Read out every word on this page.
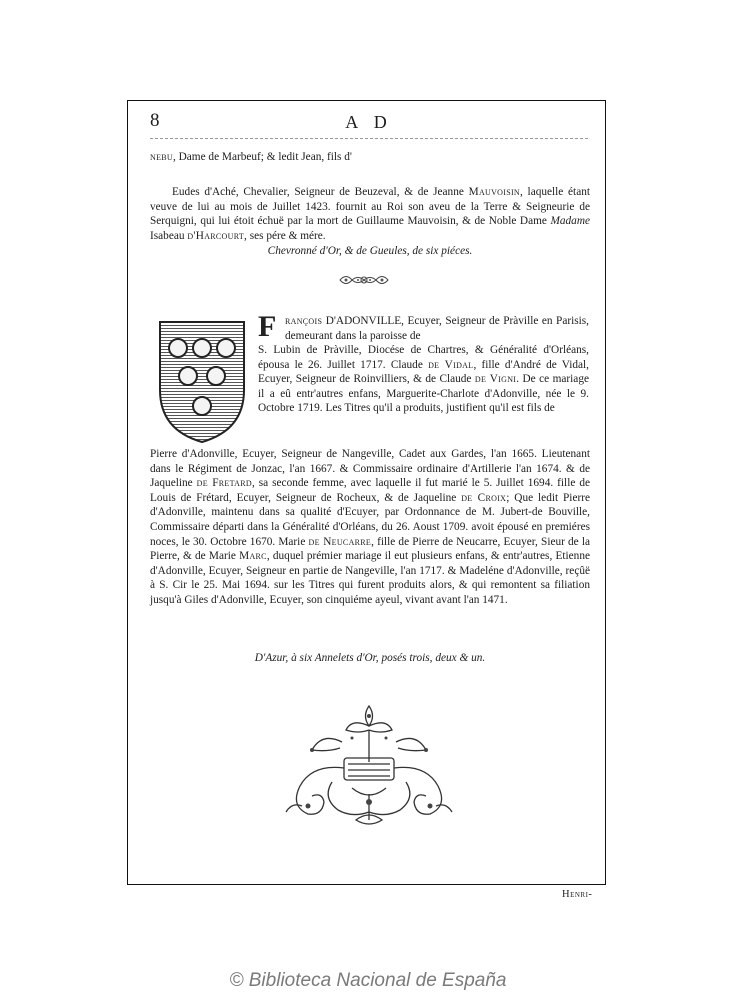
8	A D
nebu, Dame de Marbeuf; & ledit Jean, fils d'
Eudes d'Aché, Chevalier, Seigneur de Beuzeval, & de Jeanne Mauvoisin, laquelle étant veuve de lui au mois de Juillet 1423. fournit au Roi son aveu de la Terre & Seigneurie de Serquigni, qui lui étoit échuë par la mort de Guillaume Mauvoisin, & de Noble Dame Madame Isabeau d'Harcourt, ses pére & mére.
Chevronné d'Or, & de Gueules, de six piéces.
F rançois D'ADONVILLE, Ecuyer, Seigneur de Pràville en Parisis, demeurant dans la paroisse de
S. Lubin de Pràville, Diocése de Chartres, & Généralité d'Orléans, épousa le 26. Juillet 1717. Claude de Vidal, fille d'André de Vidal, Ecuyer, Seigneur de Roinvilliers, & de Claude de Vigni. De ce mariage il a eû entr'autres enfans, Marguerite-Charlote d'Adonville, née le 9. Octobre 1719. Les Titres qu'il a produits, justifient qu'il est fils de
Pierre d'Adonville, Ecuyer, Seigneur de Nangeville, Cadet aux Gardes, l'an 1665. Lieutenant dans le Régiment de Jonzac, l'an 1667. & Commissaire ordinaire d'Artillerie l'an 1674. & de Jaqueline de Fretard, sa seconde femme, avec laquelle il fut marié le 5. Juillet 1694. fille de Louis de Frétard, Ecuyer, Seigneur de Rocheux, & de Jaqueline de Croix; Que ledit Pierre d'Adonville, maintenu dans sa qualité d'Ecuyer, par Ordonnance de M. Jubert-de Bouville, Commissaire départi dans la Généralité d'Orléans, du 26. Aoust 1709. avoit épousé en premiéres noces, le 30. Octobre 1670. Marie de Neucarre, fille de Pierre de Neucarre, Ecuyer, Sieur de la Pierre, & de Marie Marc, duquel prémier mariage il eut plusieurs enfans, & entr'autres, Etienne d'Adonville, Ecuyer, Seigneur en partie de Nangeville, l'an 1717. & Madeléne d'Adonville, reçûë à S. Cir le 25. Mai 1694. sur les Titres qui furent produits alors, & qui remontent sa filiation jusqu'à Giles d'Adonville, Ecuyer, son cinquiéme ayeul, vivant avant l'an 1471.
D'Azur, à six Annelets d'Or, posés trois, deux & un.
Henri-
© Biblioteca Nacional de España
